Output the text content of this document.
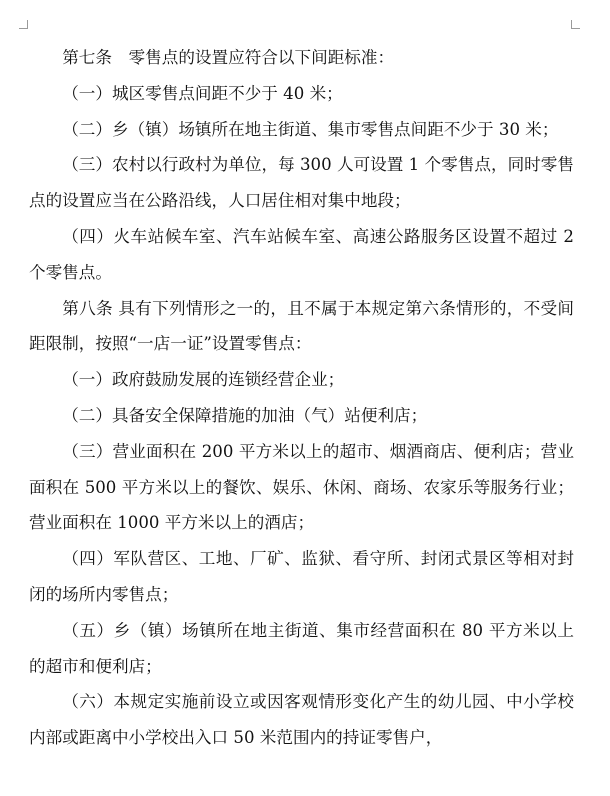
第七条　零售点的设置应符合以下间距标准：

（一）城区零售点间距不少于 40 米；

（二）乡（镇）场镇所在地主街道、集市零售点间距不少于 30 米；

（三）农村以行政村为单位，每 300 人可设置 1 个零售点，同时零售点的设置应当在公路沿线，人口居住相对集中地段；

（四）火车站候车室、汽车站候车室、高速公路服务区设置不超过 2 个零售点。

第八条 具有下列情形之一的，且不属于本规定第六条情形的，不受间距限制，按照“一店一证”设置零售点：

（一）政府鼓励发展的连锁经营企业；

（二）具备安全保障措施的加油（气）站便利店；

（三）营业面积在 200 平方米以上的超市、烟酒商店、便利店；营业面积在 500 平方米以上的餐饮、娱乐、休闲、商场、农家乐等服务行业；营业面积在 1000 平方米以上的酒店；

（四）军队营区、工地、厂矿、监狱、看守所、封闭式景区等相对封闭的场所内零售点；

（五）乡（镇）场镇所在地主街道、集市经营面积在 80 平方米以上的超市和便利店；

（六）本规定实施前设立或因客观情形变化产生的幼儿园、中小学校内部或距离中小学校出入口 50 米范围内的持证零售户，
